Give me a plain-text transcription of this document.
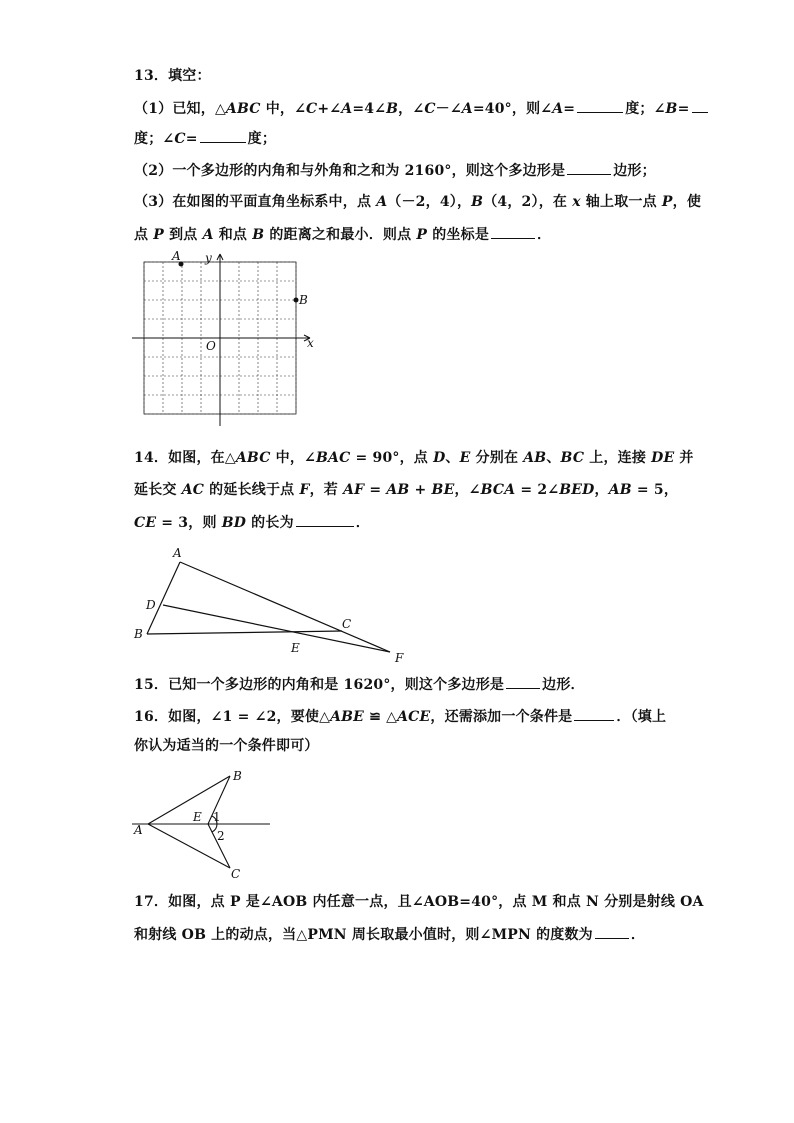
13．填空：
（1）已知，△ABC 中，∠C+∠A=4∠B，∠C－∠A=40°，则∠A=	度；∠B=
度；∠C=	度；
（2）一个多边形的内角和与外角和之和为 2160°，则这个多边形是	边形；
（3）在如图的平面直角坐标系中，点 A（－2，4），B（4，2），在 x 轴上取一点 P，使
点 P 到点 A 和点 B 的距离之和最小．则点 P 的坐标是	．
A y
B
O	x
14．如图，在△ABC 中，∠BAC = 90°，点 D、E 分别在 AB、BC 上，连接 DE 并
延长交 AC 的延长线于点 F，若 AF = AB + BE，∠BCA = 2∠BED，AB = 5，
CE = 3，则 BD 的长为	．
A
D
B
E
C
F
15．已知一个多边形的内角和是 1620°，则这个多边形是	边形．
16．如图，∠1 = ∠2，要使△ABE ≌ △ACE，还需添加一个条件是	．（填上
你认为适当的一个条件即可）
A
B
C
E 1
2
17．如图，点 P 是∠AOB 内任意一点，且∠AOB=40°，点 M 和点 N 分别是射线 OA
和射线 OB 上的动点，当△PMN 周长取最小值时，则∠MPN 的度数为	．
